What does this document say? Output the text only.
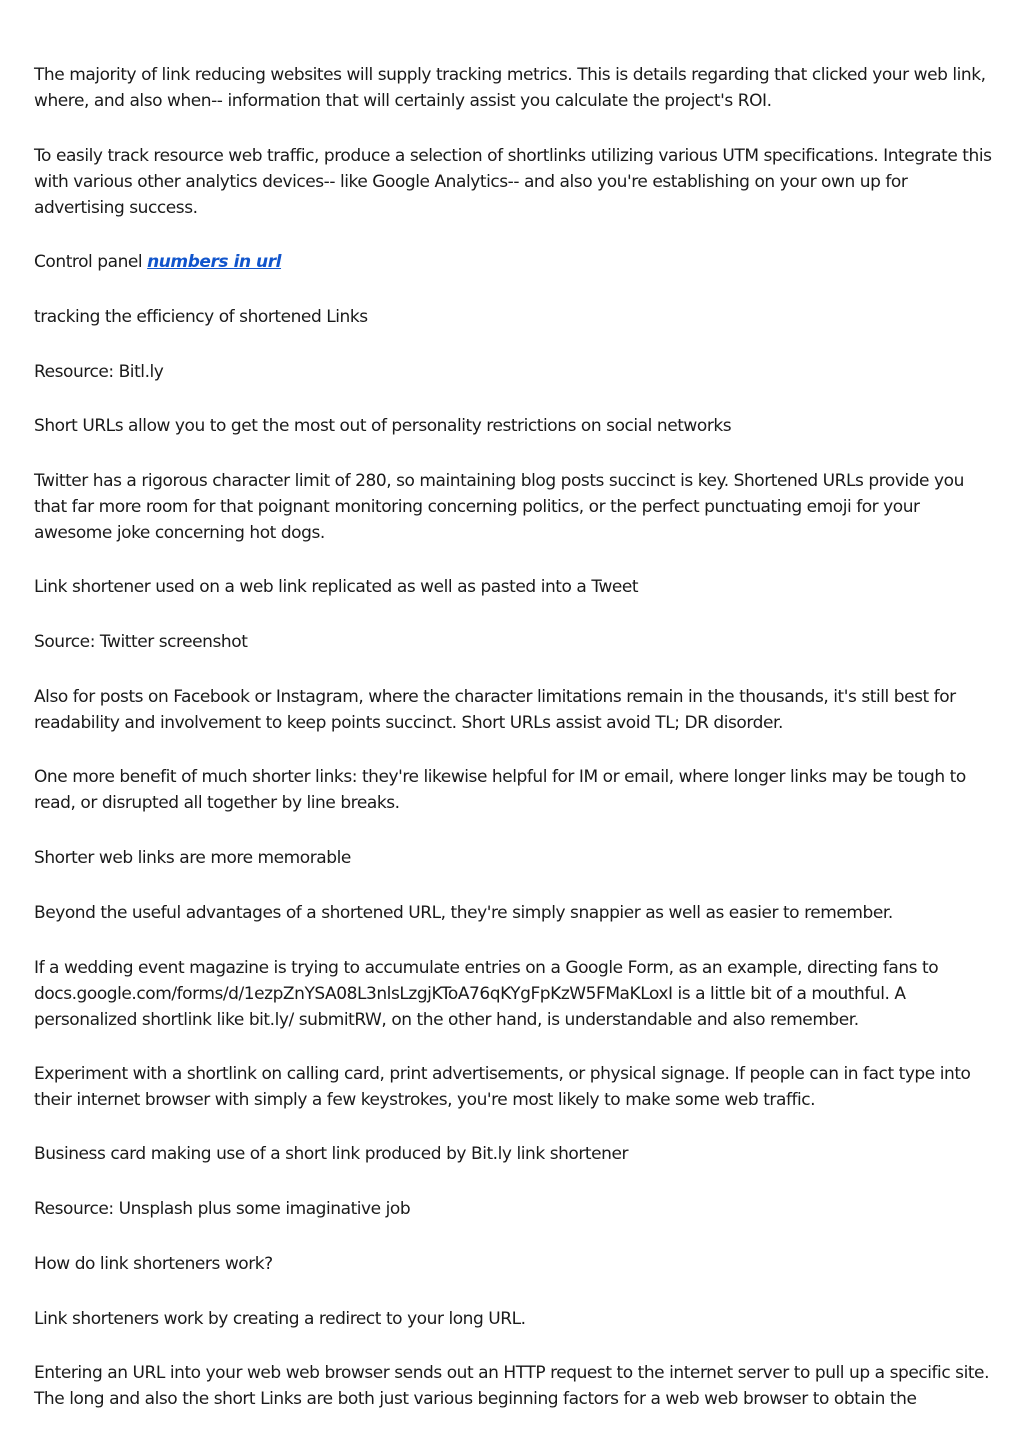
The majority of link reducing websites will supply tracking metrics. This is details regarding that clicked your web link, where, and also when-- information that will certainly assist you calculate the project's ROI.

To easily track resource web traffic, produce a selection of shortlinks utilizing various UTM specifications. Integrate this with various other analytics devices-- like Google Analytics-- and also you're establishing on your own up for advertising success.

Control panel numbers in url

tracking the efficiency of shortened Links

Resource: Bitl.ly

Short URLs allow you to get the most out of personality restrictions on social networks

Twitter has a rigorous character limit of 280, so maintaining blog posts succinct is key. Shortened URLs provide you that far more room for that poignant monitoring concerning politics, or the perfect punctuating emoji for your awesome joke concerning hot dogs.

Link shortener used on a web link replicated as well as pasted into a Tweet

Source: Twitter screenshot

Also for posts on Facebook or Instagram, where the character limitations remain in the thousands, it's still best for readability and involvement to keep points succinct. Short URLs assist avoid TL; DR disorder.

One more benefit of much shorter links: they're likewise helpful for IM or email, where longer links may be tough to read, or disrupted all together by line breaks.

Shorter web links are more memorable

Beyond the useful advantages of a shortened URL, they're simply snappier as well as easier to remember.

If a wedding event magazine is trying to accumulate entries on a Google Form, as an example, directing fans to docs.google.com/forms/d/1ezpZnYSA08L3nlsLzgjKToA76qKYgFpKzW5FMaKLoxI is a little bit of a mouthful. A personalized shortlink like bit.ly/ submitRW, on the other hand, is understandable and also remember.

Experiment with a shortlink on calling card, print advertisements, or physical signage. If people can in fact type into their internet browser with simply a few keystrokes, you're most likely to make some web traffic.

Business card making use of a short link produced by Bit.ly link shortener

Resource: Unsplash plus some imaginative job

How do link shorteners work?

Link shorteners work by creating a redirect to your long URL.

Entering an URL into your web web browser sends out an HTTP request to the internet server to pull up a specific site. The long and also the short Links are both just various beginning factors for a web web browser to obtain the
